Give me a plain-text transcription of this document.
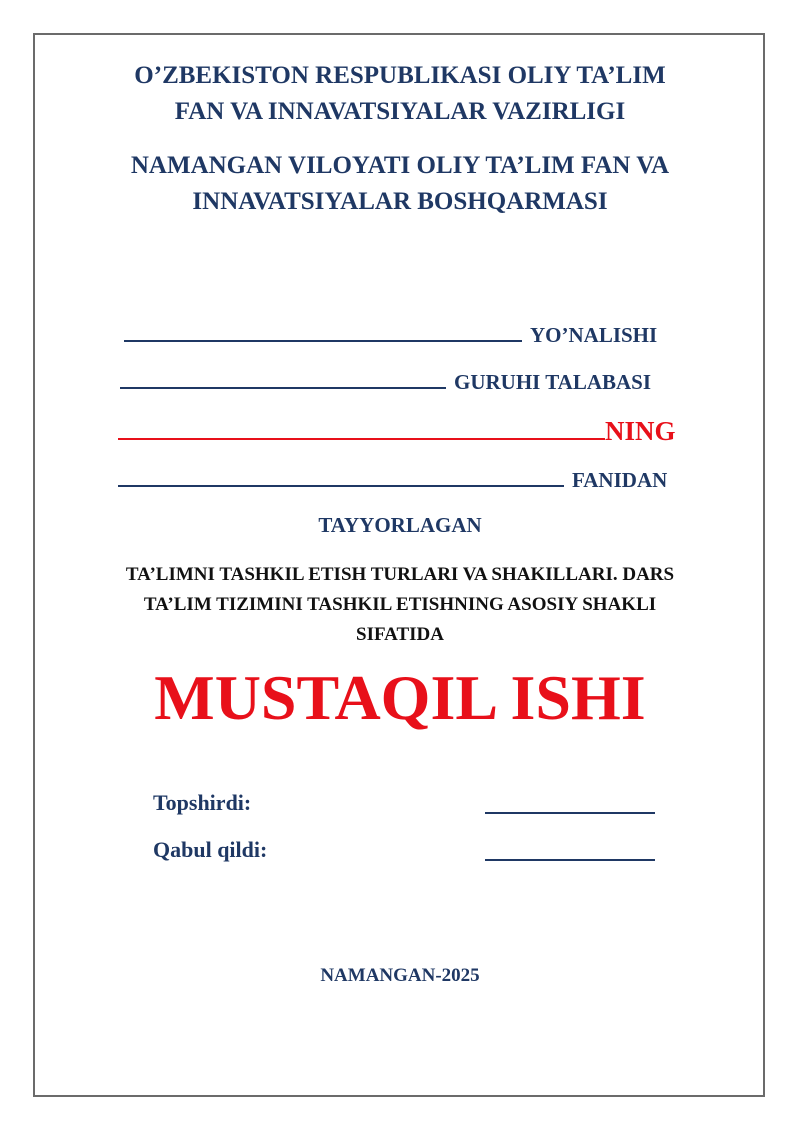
O’ZBEKISTON RESPUBLIKASI OLIY TA’LIM
FAN VA INNAVATSIYALAR VAZIRLIGI
NAMANGAN VILOYATI OLIY TA’LIM FAN VA
INNAVATSIYALAR BOSHQARMASI
YO’NALISHI
GURUHI TALABASI
NING
FANIDAN
TAYYORLAGAN
TA’LIMNI TASHKIL ETISH TURLARI VA SHAKILLARI. DARS
TA’LIM TIZIMINI TASHKIL ETISHNING ASOSIY SHAKLI
SIFATIDA
MUSTAQIL ISHI
Topshirdi:
Qabul qildi:
NAMANGAN-2025
